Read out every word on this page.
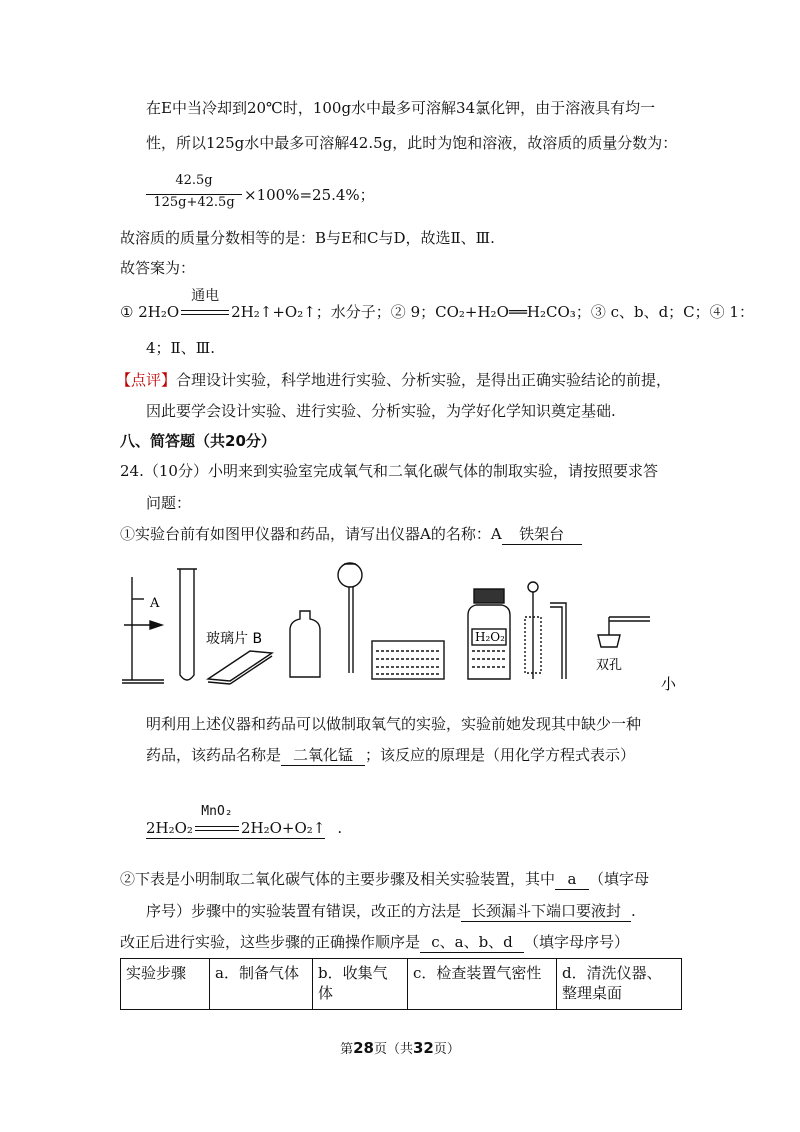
在E中当冷却到20℃时，100g水中最多可溶解34氯化钾，由于溶液具有均一
性，所以125g水中最多可溶解42.5g，此时为饱和溶液，故溶质的质量分数为：
42.5g
125g+42.5g ×100%=25.4%；
故溶质的质量分数相等的是：B与E和C与D，故选Ⅱ、Ⅲ.
故答案为：
① 2H₂O
通电
2H₂↑+O₂↑；水分子；② 9；CO₂+H₂O══H₂CO₃；③ c、b、d；C；④ 1：
4；Ⅱ、Ⅲ.
【点评】合理设计实验，科学地进行实验、分析实验，是得出正确实验结论的前提，
因此要学会设计实验、进行实验、分析实验，为学好化学知识奠定基础.
八、简答题（共20分）
24.（10分）小明来到实验室完成氧气和二氧化碳气体的制取实验，请按照要求答
问题：
①实验台前有如图甲仪器和药品，请写出仪器A的名称：A 铁架台
A
玻璃片 B	H₂O₂
双孔
小
明利用上述仪器和药品可以做制取氧气的实验，实验前她发现其中缺少一种
药品，该药品名称是 二氧化锰 ；该反应的原理是（用化学方程式表示）
2H₂O₂
MnO₂
2H₂O+O₂↑ .
②下表是小明制取二氧化碳气体的主要步骤及相关实验装置，其中 a （填字母
序号）步骤中的实验装置有错误，改正的方法是 长颈漏斗下端口要液封 .
改正后进行实验，这些步骤的正确操作顺序是 c、a、b、d （填字母序号）
实验步骤	a．制备气体	b．收集气体	c．检查装置气密性	d．清洗仪器、整理桌面
第28页（共32页）
